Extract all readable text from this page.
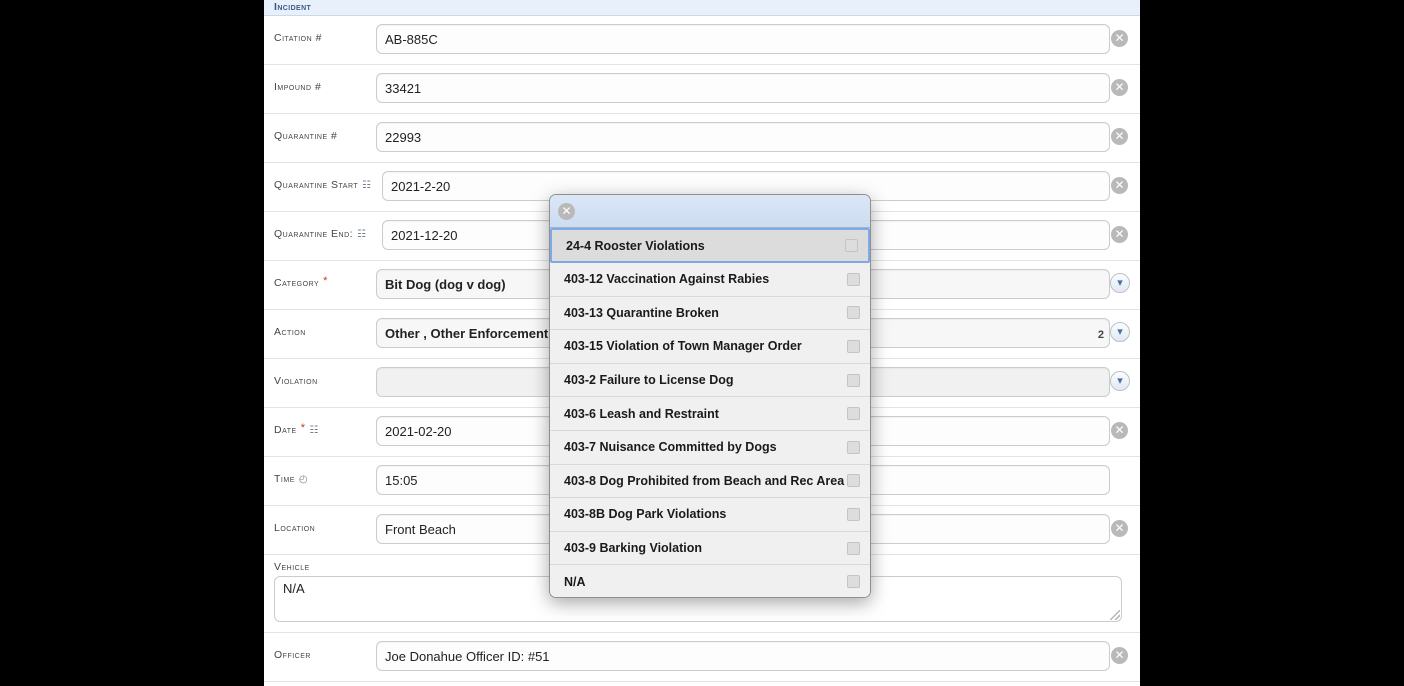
Incident
Citation #	AB-885C	✕
Impound #	33421	✕
Quarantine #	22993	✕
Quarantine Start ☷	2021-2-20	✕
Quarantine End: ☷	2021-12-20	✕
Category *	Bit Dog (dog v dog)	▾
Action	Other , Other Enforcement	2	▾
Violation	▾
Date * ☷	2021-02-20	✕
Time ◴	15:05
Location	Front Beach	✕
Vehicle
N/A
Officer	Joe Donahue Officer ID: #51	✕
✕
24-4 Rooster Violations
403-12 Vaccination Against Rabies
403-13 Quarantine Broken
403-15 Violation of Town Manager Order
403-2 Failure to License Dog
403-6 Leash and Restraint
403-7 Nuisance Committed by Dogs
403-8 Dog Prohibited from Beach and Rec Area
403-8B Dog Park Violations
403-9 Barking Violation
N/A
